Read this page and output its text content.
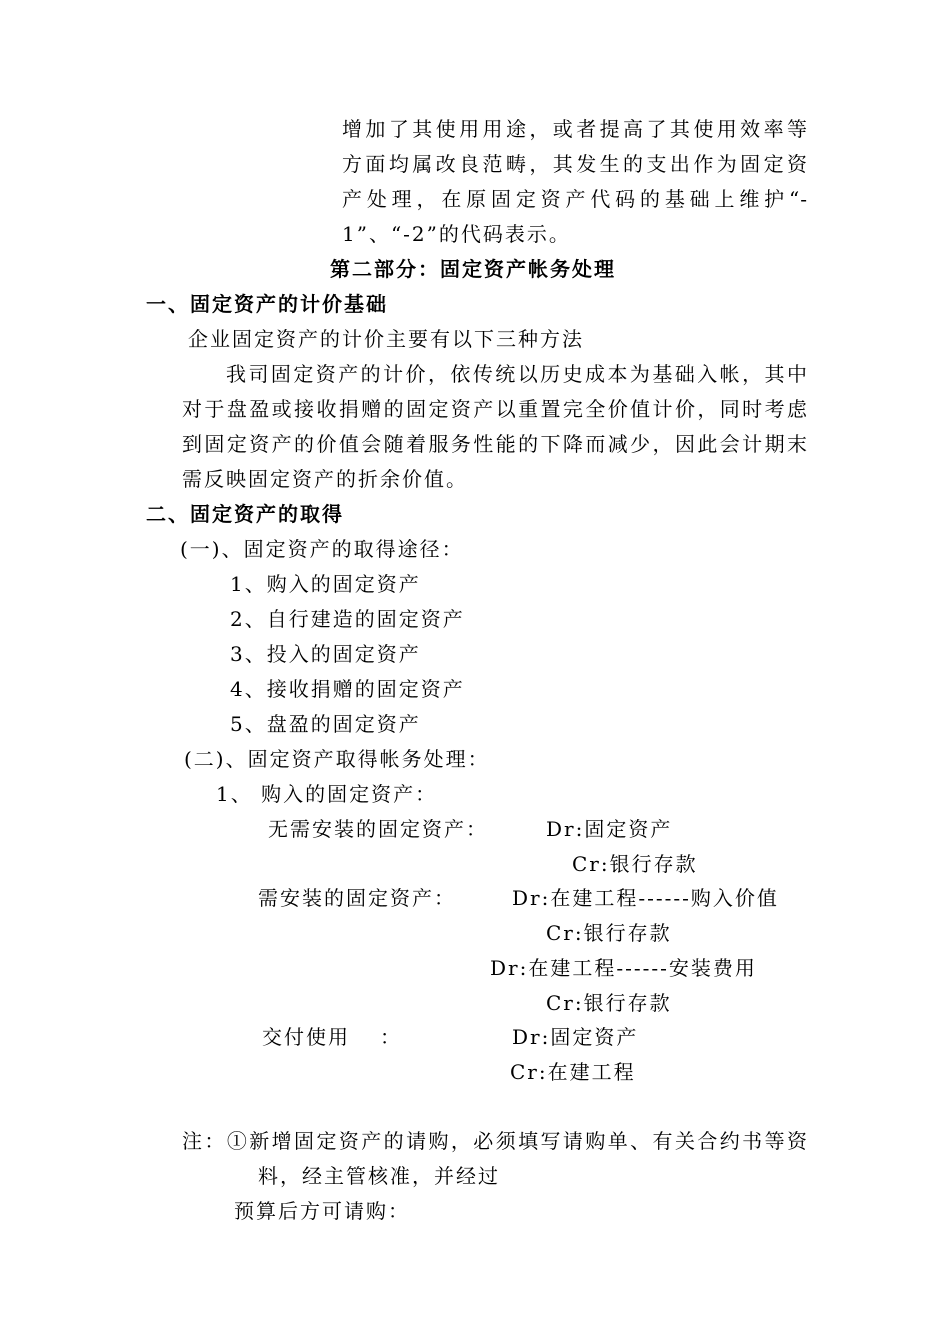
增加了其使用用途，或者提高了其使用效率等
方面均属改良范畴，其发生的支出作为固定资
产处理，在原固定资产代码的基础上维护“-
1”、“-2”的代码表示。
第二部分：固定资产帐务处理
一、固定资产的计价基础
企业固定资产的计价主要有以下三种方法
我司固定资产的计价，依传统以历史成本为基础入帐，其中
对于盘盈或接收捐赠的固定资产以重置完全价值计价，同时考虑
到固定资产的价值会随着服务性能的下降而减少，因此会计期末
需反映固定资产的折余价值。
二、固定资产的取得
(一)、固定资产的取得途径：
1、购入的固定资产
2、自行建造的固定资产
3、投入的固定资产
4、接收捐赠的固定资产
5、盘盈的固定资产
(二)、固定资产取得帐务处理：
1、 购入的固定资产：
无需安装的固定资产：	Dr:固定资产
Cr:银行存款
需安装的固定资产：	Dr:在建工程------购入价值
Cr:银行存款
Dr:在建工程------安装费用
Cr:银行存款
交付使用 ：	Dr:固定资产
Cr:在建工程
注：①新增固定资产的请购，必须填写请购单、有关合约书等资
料，经主管核准，并经过
预算后方可请购：
